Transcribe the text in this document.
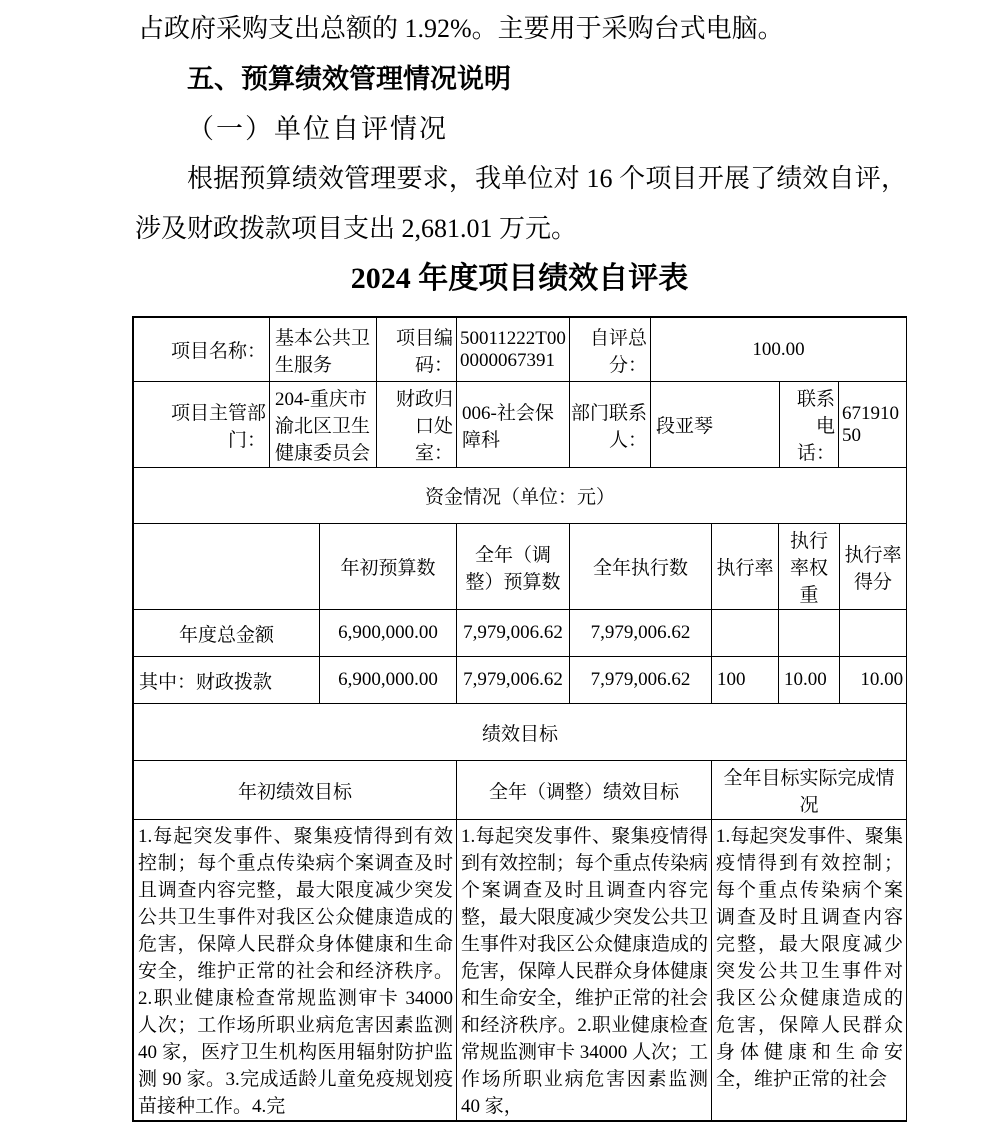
占政府采购支出总额的 1.92%。主要用于采购台式电脑。
五、预算绩效管理情况说明
（一）单位自评情况
根据预算绩效管理要求，我单位对 16 个项目开展了绩效自评，涉及财政拨款项目支出 2,681.01 万元。
2024 年度项目绩效自评表
项目名称：	基本公共卫生服务	项目编码：	50011222T000000067391	自评总分：	100.00		
项目主管部门：	204-重庆市渝北区卫生健康委员会	财政归口处室：	006-社会保障科	部门联系人：	段亚琴	联系电话：	67191050
资金情况（单位：元）						
	年初预算数	全年（调整）预算数	全年执行数	执行率	执行率权重	执行率得分
年度总金额	6,900,000.00	7,979,006.62	7,979,006.62			
其中：财政拨款	6,900,000.00	7,979,006.62	7,979,006.62	100	10.00	10.00
绩效目标		
年初绩效目标	全年（调整）绩效目标	全年目标实际完成情况
1.每起突发事件、聚集疫情得到有效控制；每个重点传染病个案调查及时且调查内容完整，最大限度减少突发公共卫生事件对我区公众健康造成的危害，保障人民群众身体健康和生命安全，维护正常的社会和经济秩序。2.职业健康检查常规监测审卡 34000 人次；工作场所职业病危害因素监测 40 家，医疗卫生机构医用辐射防护监测 90 家。3.完成适龄儿童免疫规划疫苗接种工作。4.完	1.每起突发事件、聚集疫情得到有效控制；每个重点传染病个案调查及时且调查内容完整，最大限度减少突发公共卫生事件对我区公众健康造成的危害，保障人民群众身体健康和生命安全，维护正常的社会和经济秩序。2.职业健康检查常规监测审卡 34000 人次；工作场所职业病危害因素监测 40 家，	1.每起突发事件、聚集疫情得到有效控制；每个重点传染病个案调查及时且调查内容完整，最大限度减少突发公共卫生事件对我区公众健康造成的危害，保障人民群众身体健康和生命安全，维护正常的社会
